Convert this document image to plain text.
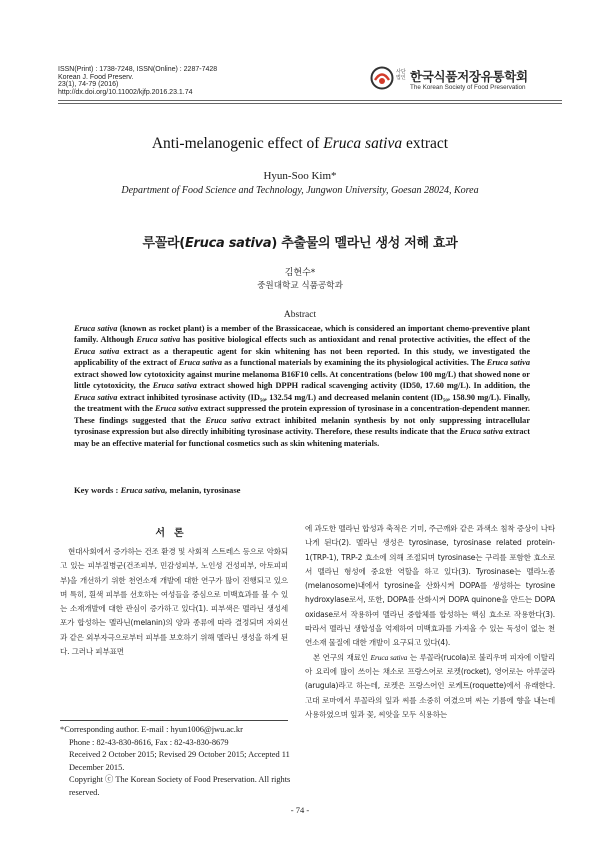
ISSN(Print) : 1738-7248, ISSN(Online) : 2287-7428
Korean J. Food Preserv.
23(1), 74-79 (2016)
http://dx.doi.org/10.11002/kjfp.2016.23.1.74
사단
법인 한국식품저장유통학회
The Korean Society of Food Preservation
Anti-melanogenic effect of Eruca sativa extract
Hyun-Soo Kim*
Department of Food Science and Technology, Jungwon University, Goesan 28024, Korea
루꼴라(Eruca sativa) 추출물의 멜라닌 생성 저해 효과
김현수*
중원대학교 식품공학과
Abstract

Eruca sativa (known as rocket plant) is a member of the Brassicaceae, which is considered an important chemo-preventive plant family. Although Eruca sativa has positive biological effects such as antioxidant and renal protective activities, the effect of the Eruca sativa extract as a therapeutic agent for skin whitening has not been reported. In this study, we investigated the applicability of the extract of Eruca sativa as a functional materials by examining the its physiological activities. The Eruca sativa extract showed low cytotoxicity against murine melanoma B16F10 cells. At concentrations (below 100 mg/L) that showed none or little cytotoxicity, the Eruca sativa extract showed high DPPH radical scavenging activity (ID50, 17.60 mg/L). In addition, the Eruca sativa extract inhibited tyrosinase activity (ID₅₀, 132.54 mg/L) and decreased melanin content (ID₅₀, 158.90 mg/L). Finally, the treatment with the Eruca sativa extract suppressed the protein expression of tyrosinase in a concentration-dependent manner. These findings suggested that the Eruca sativa extract inhibited melanin synthesis by not only suppressing intracellular tyrosinase expression but also directly inhibiting tyrosinase activity. Therefore, these results indicate that the Eruca sativa extract may be an effective material for functional cosmetics such as skin whitening materials.

Key words : Eruca sativa, melanin, tyrosinase
서론

현대사회에서 증가하는 건조 환경 및 사회적 스트레스 등으로 악화되고 있는 피부질병군(건조피부, 민감성피부, 노인성 건성피부, 아토피피부)을 개선하기 위한 천연소재 개발에 대한 연구가 많이 진행되고 있으며 특히, 흰색 피부를 선호하는 여성들을 중심으로 미백효과를 볼 수 있는 소재개발에 대한 관심이 증가하고 있다(1). 피부색은 멜라닌 생성세포가 합성하는 멜라닌(melanin)의 양과 종류에 따라 결정되며 자외선과 같은 외부자극으로부터 피부를 보호하기 위해 멜라닌 생성을 하게 된다. 그러나 피부표면

에 과도한 멜라닌 합성과 축적은 기미, 주근깨와 같은 과색소 침착 증상이 나타나게 된다(2). 멜라닌 생성은 tyrosinase, tyrosinase related protein-1(TRP-1), TRP-2 효소에 의해 조절되며 tyrosinase는 구리를 포함한 효소로서 멜라닌 형성에 중요한 역할을 하고 있다(3). Tyrosinase는 멜라노좀(melanosome)내에서 tyrosine을 산화시켜 DOPA를 생성하는 tyrosine hydroxylase로서, 또한, DOPA를 산화시켜 DOPA quinone을 만드는 DOPA oxidase로서 작용하여 멜라닌 중합체를 합성하는 핵심 효소로 작용한다(3). 따라서 멜라닌 생합성을 억제하여 미백효과를 가져올 수 있는 독성이 없는 천연소재 물질에 대한 개발이 요구되고 있다(4).
본 연구의 재료인 Eruca sativa 는 루꼴라(rucola)로 불리우며 피자에 이탈리아 요리에 많이 쓰이는 채소로 프랑스어로 로켓(rocket), 영어로는 아루굴라(arugula)라고 하는데, 로켓은 프랑스어인 로케트(roquette)에서 유래한다. 고대 로마에서 루꼴라의 잎과 씨를 소중히 여겼으며 씨는 기름에 향을 내는데 사용하였으며 잎과 꽃, 씨앗을 모두 식용하는

*Corresponding author. E-mail : hyun1006@jwu.ac.kr
Phone : 82-43-830-8616, Fax : 82-43-830-8679
Received 2 October 2015; Revised 29 October 2015; Accepted 11 December 2015.
Copyright ⓒ The Korean Society of Food Preservation. All rights reserved.
- 74 -
